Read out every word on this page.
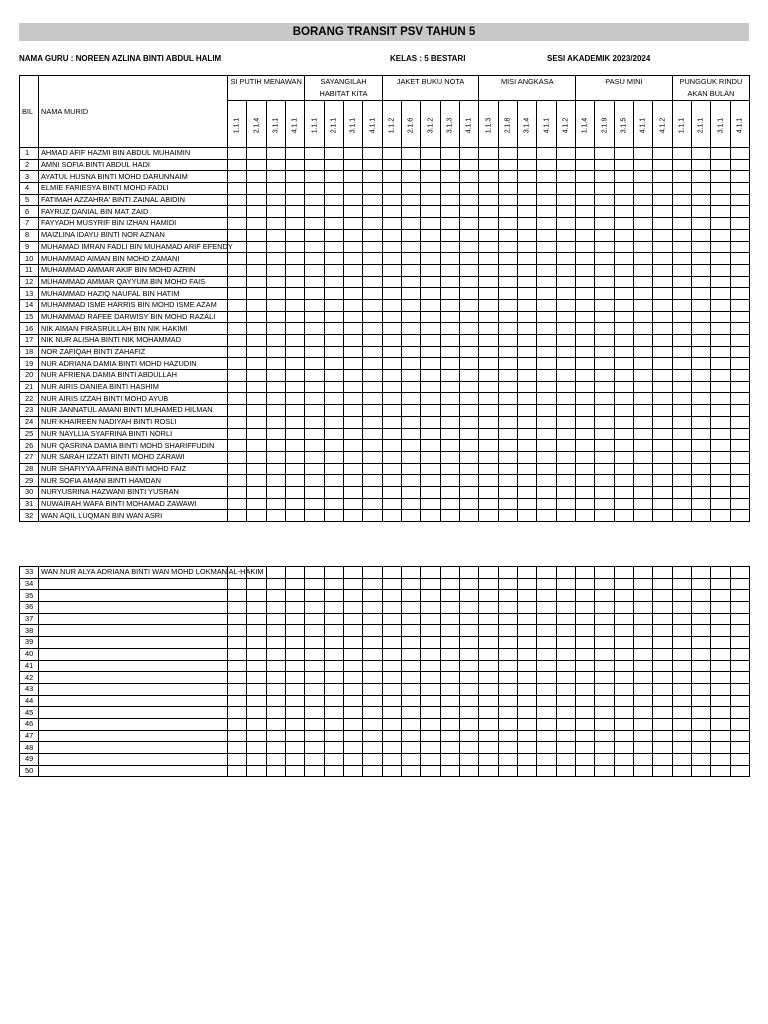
BORANG TRANSIT PSV TAHUN 5
NAMA GURU : NOREEN AZLINA BINTI ABDUL HALIM	KELAS : 5 BESTARI	SESI AKADEMIK 2023/2024
BIL	NAMA MURID	SI PUTIH MENAWAN				SAYANGILAH HABITAT KITA				JAKET BUKU NOTA					MISI ANGKASA					PASU MINI					PUNGGUK RINDU AKAN BULAN			
		1.1.1	2.1.4	3.1.1	4.1.1	1.1.1	2.1.1	3.1.1	4.1.1	1.1.2	2.1.6	3.1.2	3.1.3	4.1.1	1.1.3	2.1.8	3.1.4	4.1.1	4.1.2	1.1.4	2.1.9	3.1.5	4.1.1	4.1.2	1.1.1	2.1.1	3.1.1	4.1.1
1	AHMAD AFIF HAZMI BIN ABDUL MUHAIMIN																											
2	AMNI SOFIA BINTI ABDUL HADI																											
3	AYATUL HUSNA BINTI MOHD DARUNNAIM																											
4	ELMIE FARIESYA BINTI MOHD FADLI																											
5	FATIMAH AZZAHRA' BINTI ZAINAL ABIDIN																											
6	FAYRUZ DANIAL BIN MAT ZAID																											
7	FAYYADH MUSYRIF BIN IZHAN HAMIDI																											
8	MAIZLINA IDAYU BINTI NOR AZNAN																											
9	MUHAMAD IMRAN FADLI BIN MUHAMAD ARIF EFENDY																											
10	MUHAMMAD AIMAN BIN MOHD ZAMANI																											
11	MUHAMMAD AMMAR AKIF BIN MOHD AZRIN																											
12	MUHAMMAD AMMAR QAYYUM BIN MOHD FAIS																											
13	MUHAMMAD HAZIQ NAUFAL BIN HATIM																											
14	MUHAMMAD ISME HARRIS BIN MOHD ISME AZAM																											
15	MUHAMMAD RAFEE DARWISY BIN MOHD RAZALI																											
16	NIK AIMAN FIRASRULLAH BIN NIK HAKIMI																											
17	NIK NUR ALISHA BINTI NIK MOHAMMAD																											
18	NOR ZAFIQAH BINTI ZAHAFIZ																											
19	NUR ADRIANA DAMIA BINTI MOHD HAZUDIN																											
20	NUR AFRIENA DAMIA BINTI ABDULLAH																											
21	NUR AIRIS DANIEA BINTI HASHIM																											
22	NUR AIRIS IZZAH BINTI MOHD AYUB																											
23	NUR JANNATUL AMANI BINTI MUHAMED HILMAN																											
24	NUR KHAIREEN NADIYAH BINTI ROSLI																											
25	NUR NAYLLIA SYAFRINA BINTI NORLI																											
26	NUR QASRINA DAMIA BINTI MOHD SHARIFFUDIN																											
27	NUR SARAH IZZATI BINTI MOHD ZARAWI																											
28	NUR SHAFIYYA AFRINA BINTI MOHD FAIZ																											
29	NUR SOFIA AMANI BINTI HAMDAN																											
30	NURYUSRINA HAZWANI BINTI YUSRAN																											
31	NUWAIRAH WAFA BINTI MOHAMAD ZAWAWI																											
32	WAN AQIL LUQMAN BIN WAN ASRI																											
33	WAN NUR ALYA ADRIANA BINTI WAN MOHD LOKMAN AL-HAKIM																											
34																												
35																												
36																												
37																												
38																												
39																												
40																												
41																												
42																												
43																												
44																												
45																												
46																												
47																												
48																												
49																												
50																												
